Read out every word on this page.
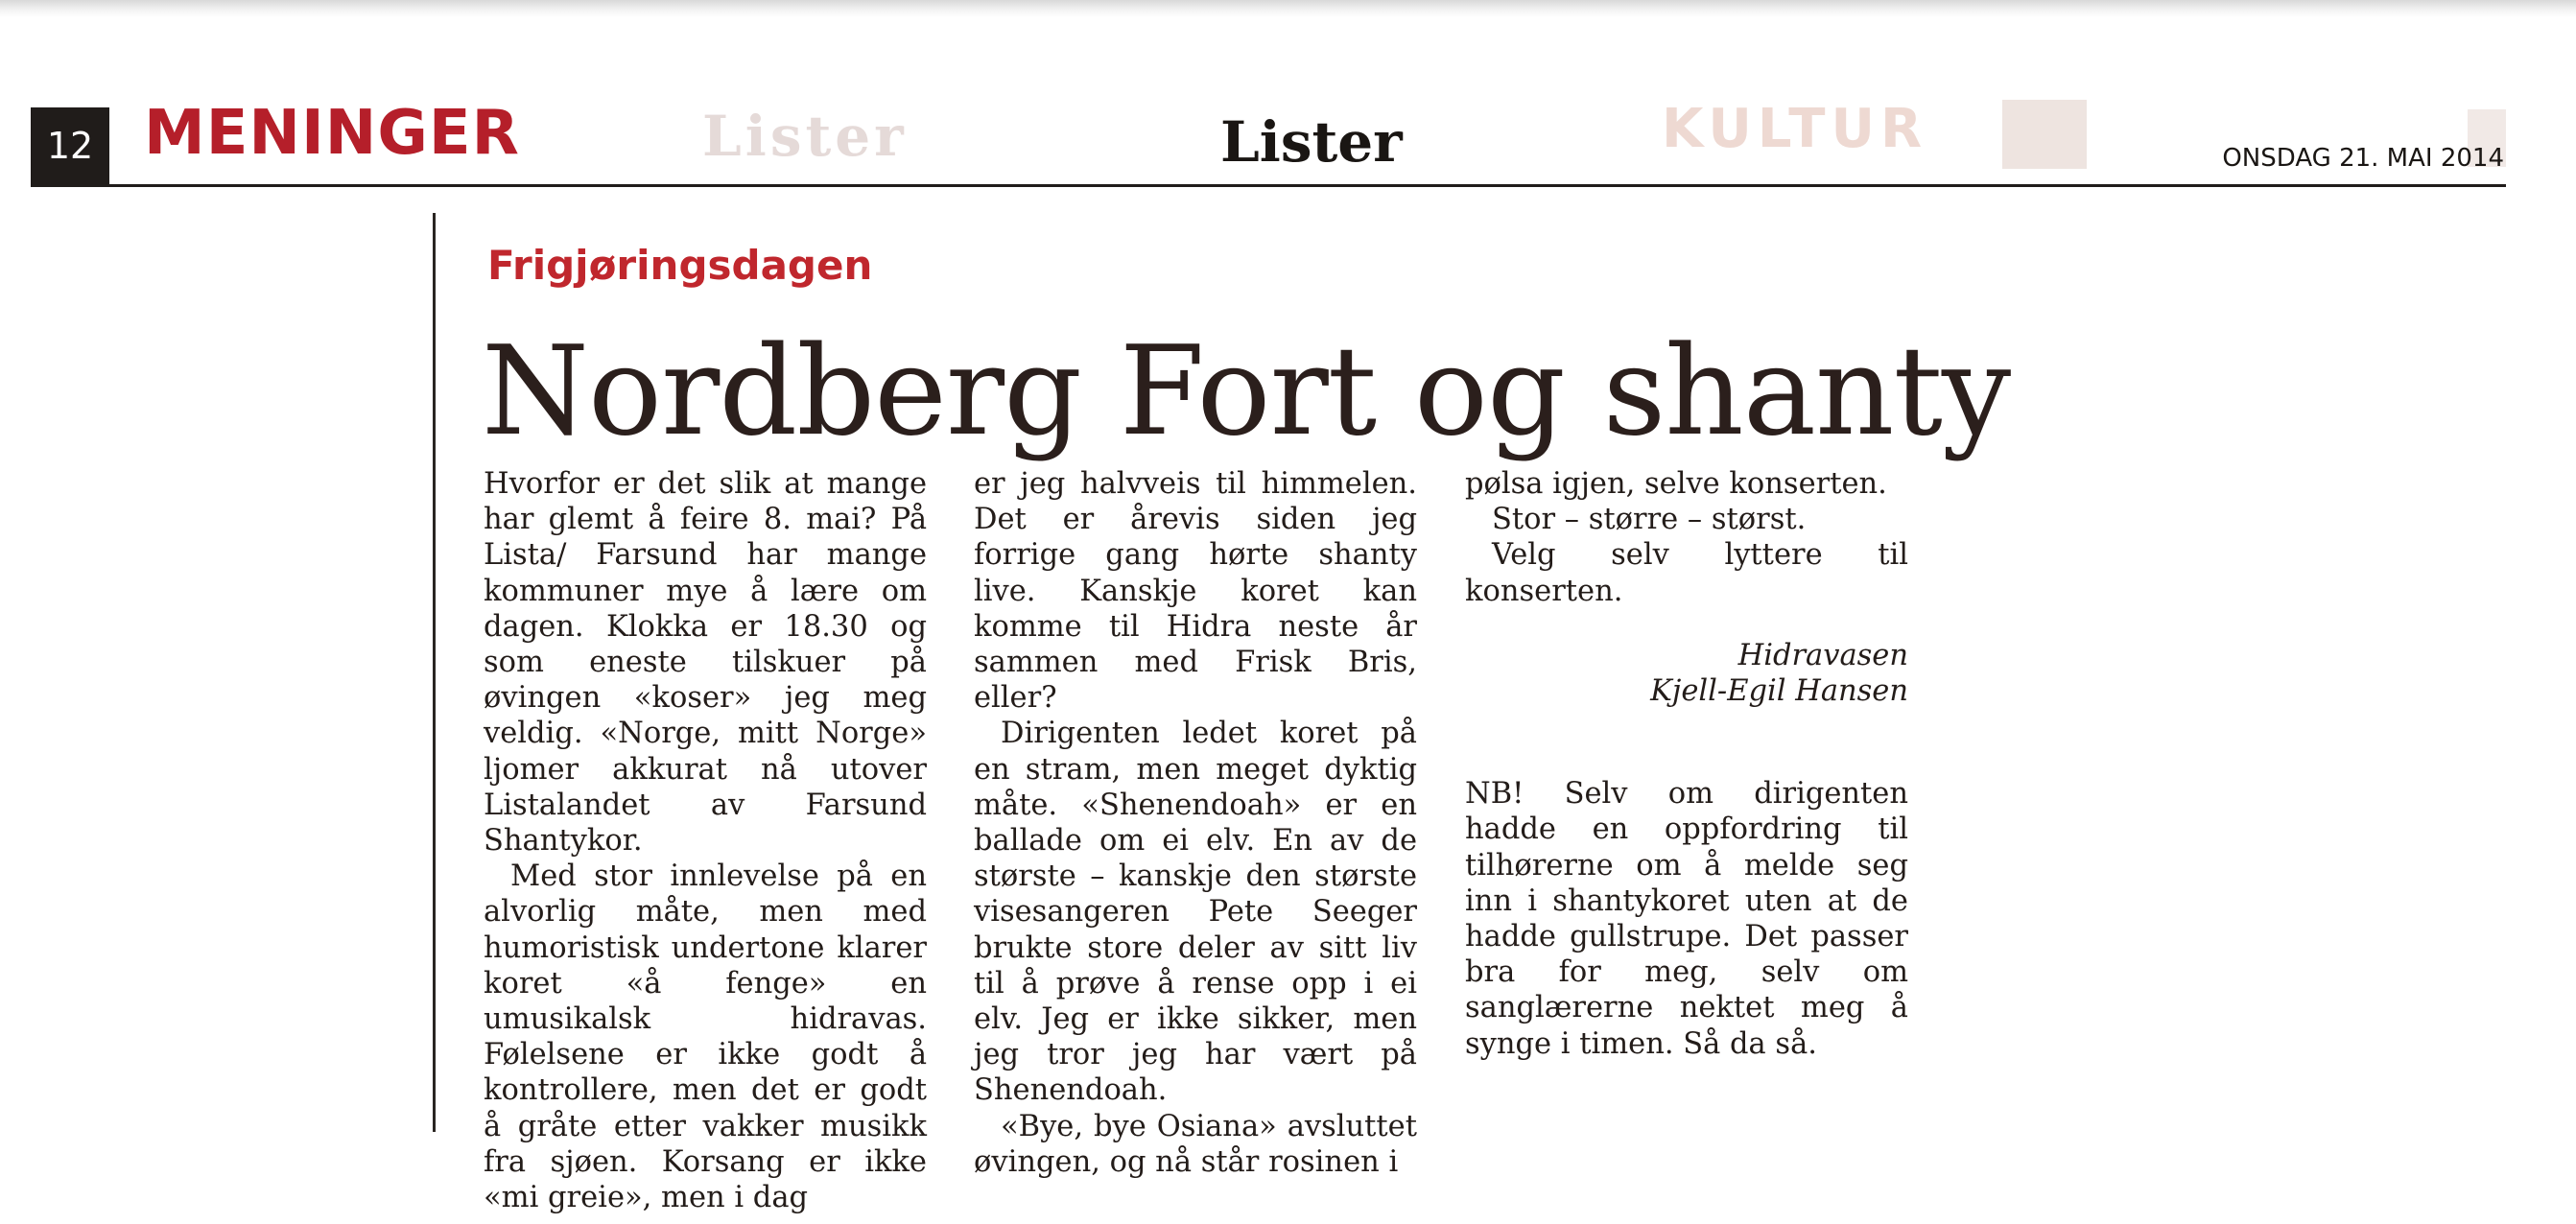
Lister	KULTUR
12 MENINGER	Lister	ONSDAG 21. MAI 2014
Frigjøringsdagen
Nordberg Fort og shanty

Hvorfor er det slik at mange har glemt å feire 8. mai? På Lista/ Farsund har mange kommuner mye å lære om dagen. Klokka er 18.30 og som eneste tilskuer på øvingen «koser» jeg meg veldig. «Norge, mitt Norge» ljomer akkurat nå utover Listalandet av Farsund Shantykor.

Med stor innlevelse på en alvorlig måte, men med humoristisk undertone klarer koret «å fenge» en umusikalsk hidravas. Følelsene er ikke godt å kontrollere, men det er godt å gråte etter vakker musikk fra sjøen. Korsang er ikke «mi greie», men i dag

er jeg halvveis til himmelen. Det er årevis siden jeg forrige gang hørte shanty live. Kanskje koret kan komme til Hidra neste år sammen med Frisk Bris, eller?

Dirigenten ledet koret på en stram, men meget dyktig måte. «Shenendoah» er en ballade om ei elv. En av de største – kanskje den største visesangeren Pete Seeger brukte store deler av sitt liv til å prøve å rense opp i ei elv. Jeg er ikke sikker, men jeg tror jeg har vært på Shenendoah.

«Bye, bye Osiana» avsluttet øvingen, og nå står rosinen i

pølsa igjen, selve konserten.

Stor – større – størst.

Velg selv lyttere til konserten.

Hidravasen

Kjell-Egil Hansen

NB! Selv om dirigenten hadde en oppfordring til tilhørerne om å melde seg inn i shantykoret uten at de hadde gullstrupe. Det passer bra for meg, selv om sanglærerne nektet meg å synge i timen. Så da så.
